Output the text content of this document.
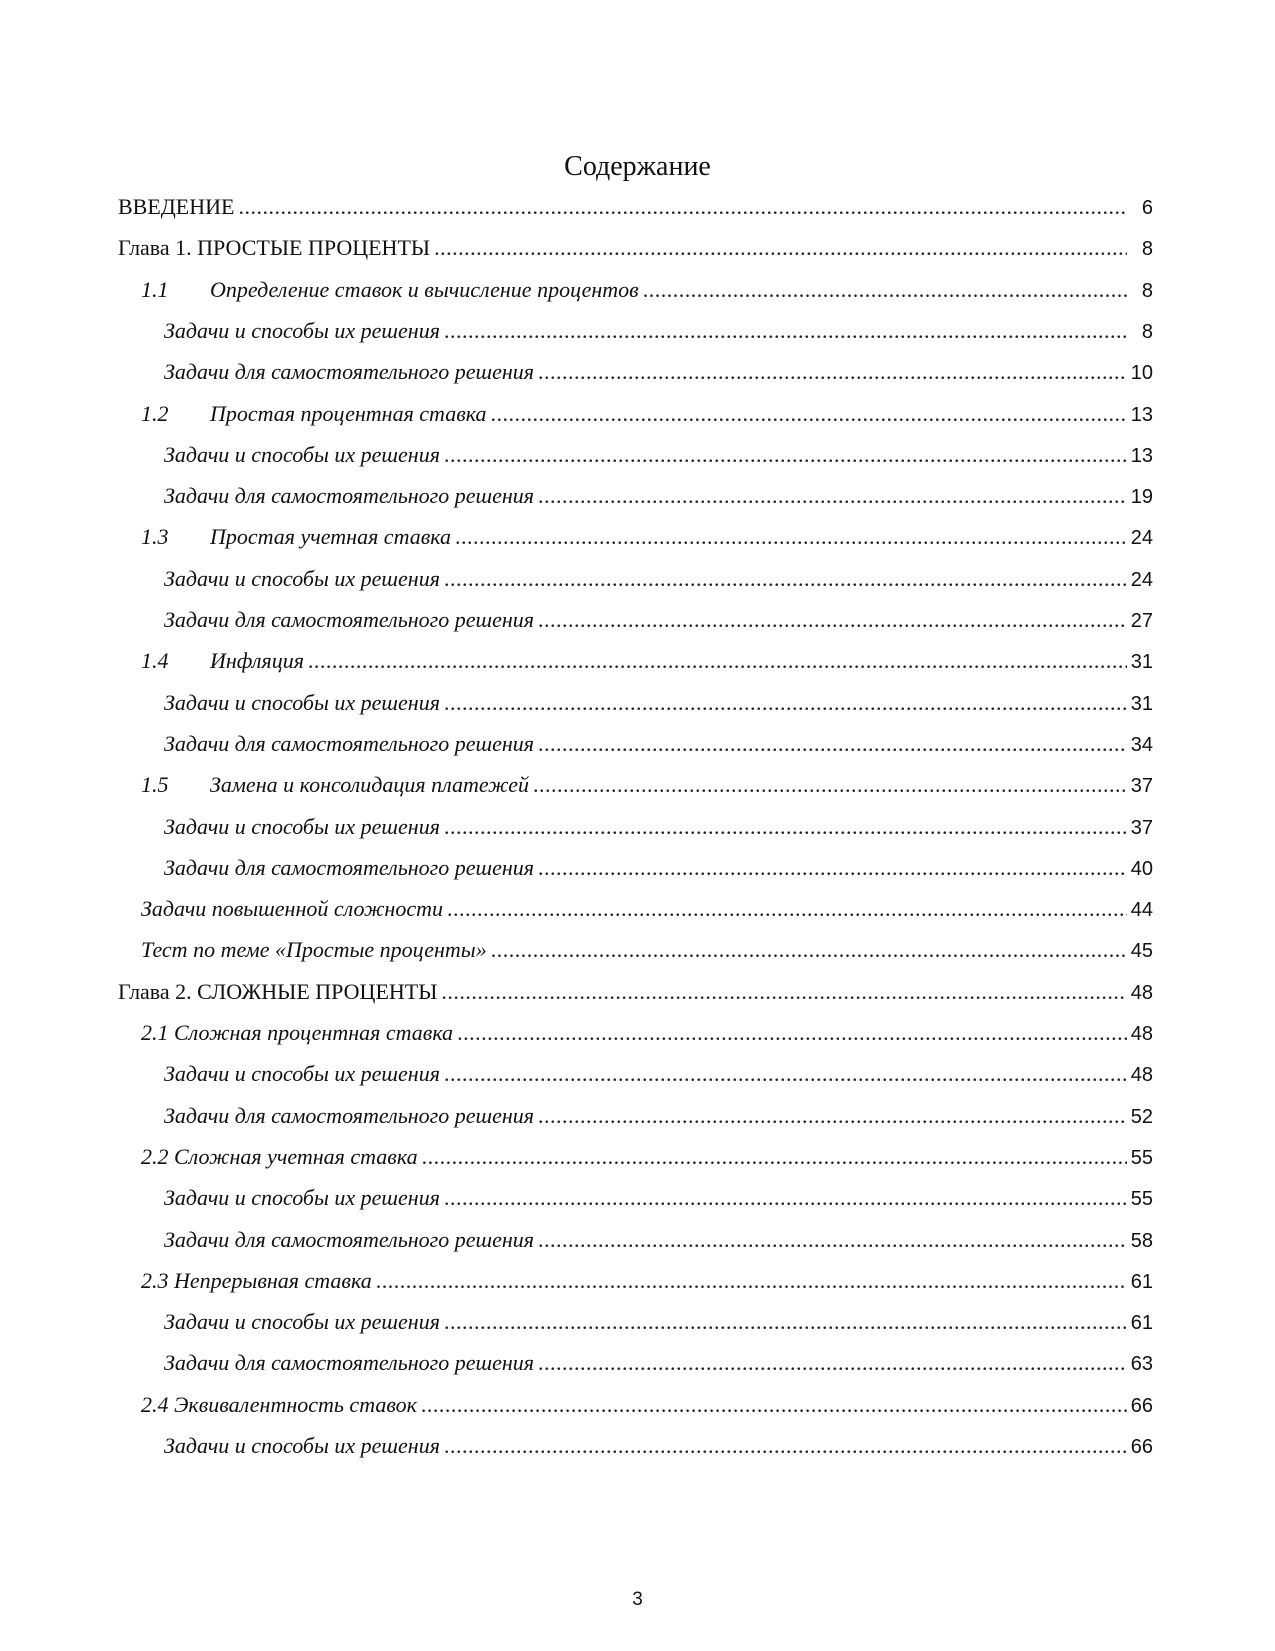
Содержание
ВВЕДЕНИЕ .....	6
Глава 1. ПРОСТЫЕ ПРОЦЕНТЫ .....	8
1.1	Определение ставок и вычисление процентов .....	8
Задачи и способы их решения .....	8
Задачи для самостоятельного решения .....	10
1.2	Простая процентная ставка .....	13
Задачи и способы их решения .....	13
Задачи для самостоятельного решения .....	19
1.3	Простая учетная ставка .....	24
Задачи и способы их решения .....	24
Задачи для самостоятельного решения .....	27
1.4	Инфляция .....	31
Задачи и способы их решения .....	31
Задачи для самостоятельного решения .....	34
1.5	Замена и консолидация платежей .....	37
Задачи и способы их решения .....	37
Задачи для самостоятельного решения .....	40
Задачи повышенной сложности .....	44
Тест по теме «Простые проценты» .....	45
Глава 2. СЛОЖНЫЕ ПРОЦЕНТЫ .....	48
2.1 Сложная процентная ставка .....	48
Задачи и способы их решения .....	48
Задачи для самостоятельного решения .....	52
2.2 Сложная учетная ставка .....	55
Задачи и способы их решения .....	55
Задачи для самостоятельного решения .....	58
2.3 Непрерывная ставка .....	61
Задачи и способы их решения .....	61
Задачи для самостоятельного решения .....	63
2.4 Эквивалентность ставок .....	66
Задачи и способы их решения .....	66
3
